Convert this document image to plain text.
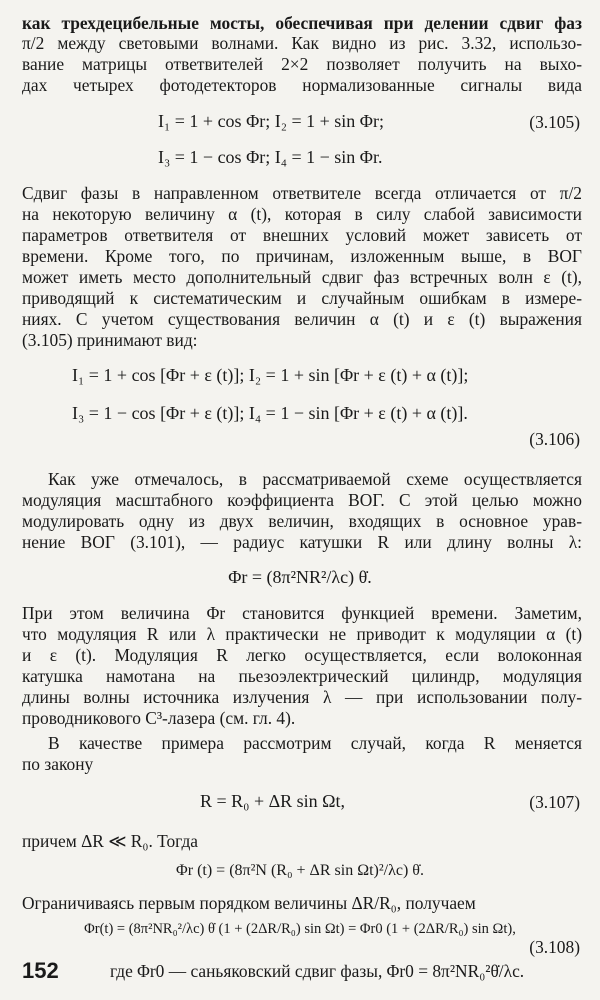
как трехдецибельные мосты, обеспечивая при делении сдвиг фаз
π/2 между световыми волнами. Как видно из рис. 3.32, использо-
вание матрицы ответвителей 2×2 позволяет получить на выхо-
дах четырех фотодетекторов нормализованные сигналы вида
I₁ = 1 + cos Φr; I₂ = 1 + sin Φr;	(3.105)
I₃ = 1 − cos Φr; I₄ = 1 − sin Φr.
Сдвиг фазы в направленном ответвителе всегда отличается от π/2
на некоторую величину α (t), которая в силу слабой зависимости
параметров ответвителя от внешних условий может зависеть от
времени. Кроме того, по причинам, изложенным выше, в ВОГ
может иметь место дополнительный сдвиг фаз встречных волн ε (t),
приводящий к систематическим и случайным ошибкам в измере-
ниях. С учетом существования величин α (t) и ε (t) выражения
(3.105) принимают вид:
I₁ = 1 + cos [Φr + ε (t)]; I₂ = 1 + sin [Φr + ε (t) + α (t)];
I₃ = 1 − cos [Φr + ε (t)]; I₄ = 1 − sin [Φr + ε (t) + α (t)].
(3.106)
Как уже отмечалось, в рассматриваемой схеме осуществляется
модуляция масштабного коэффициента ВОГ. С этой целью можно
модулировать одну из двух величин, входящих в основное урав-
нение ВОГ (3.101), — радиус катушки R или длину волны λ:
Φr = (8π²NR²/λc) θ̇.
При этом величина Φr становится функцией времени. Заметим,
что модуляция R или λ практически не приводит к модуляции α (t)
и ε (t). Модуляция R легко осуществляется, если волоконная
катушка намотана на пьезоэлектрический цилиндр, модуляция
длины волны источника излучения λ — при использовании полу-
проводникового C³-лазера (см. гл. 4).
В качестве примера рассмотрим случай, когда R меняется
по закону
R = R₀ + ΔR sin Ωt,	(3.107)
причем ΔR ≪ R₀. Тогда
Φr (t) = (8π²N (R₀ + ΔR sin Ωt)²/λc) θ̇.
Ограничиваясь первым порядком величины ΔR/R₀, получаем
Φr(t) = (8π²NR₀²/λc) θ̇ (1 + (2ΔR/R₀) sin Ωt) = Φr0 (1 + (2ΔR/R₀) sin Ωt),
(3.108)
где Φr0 — саньяковский сдвиг фазы, Φr0 = 8π²NR₀²θ̇/λc.
152
